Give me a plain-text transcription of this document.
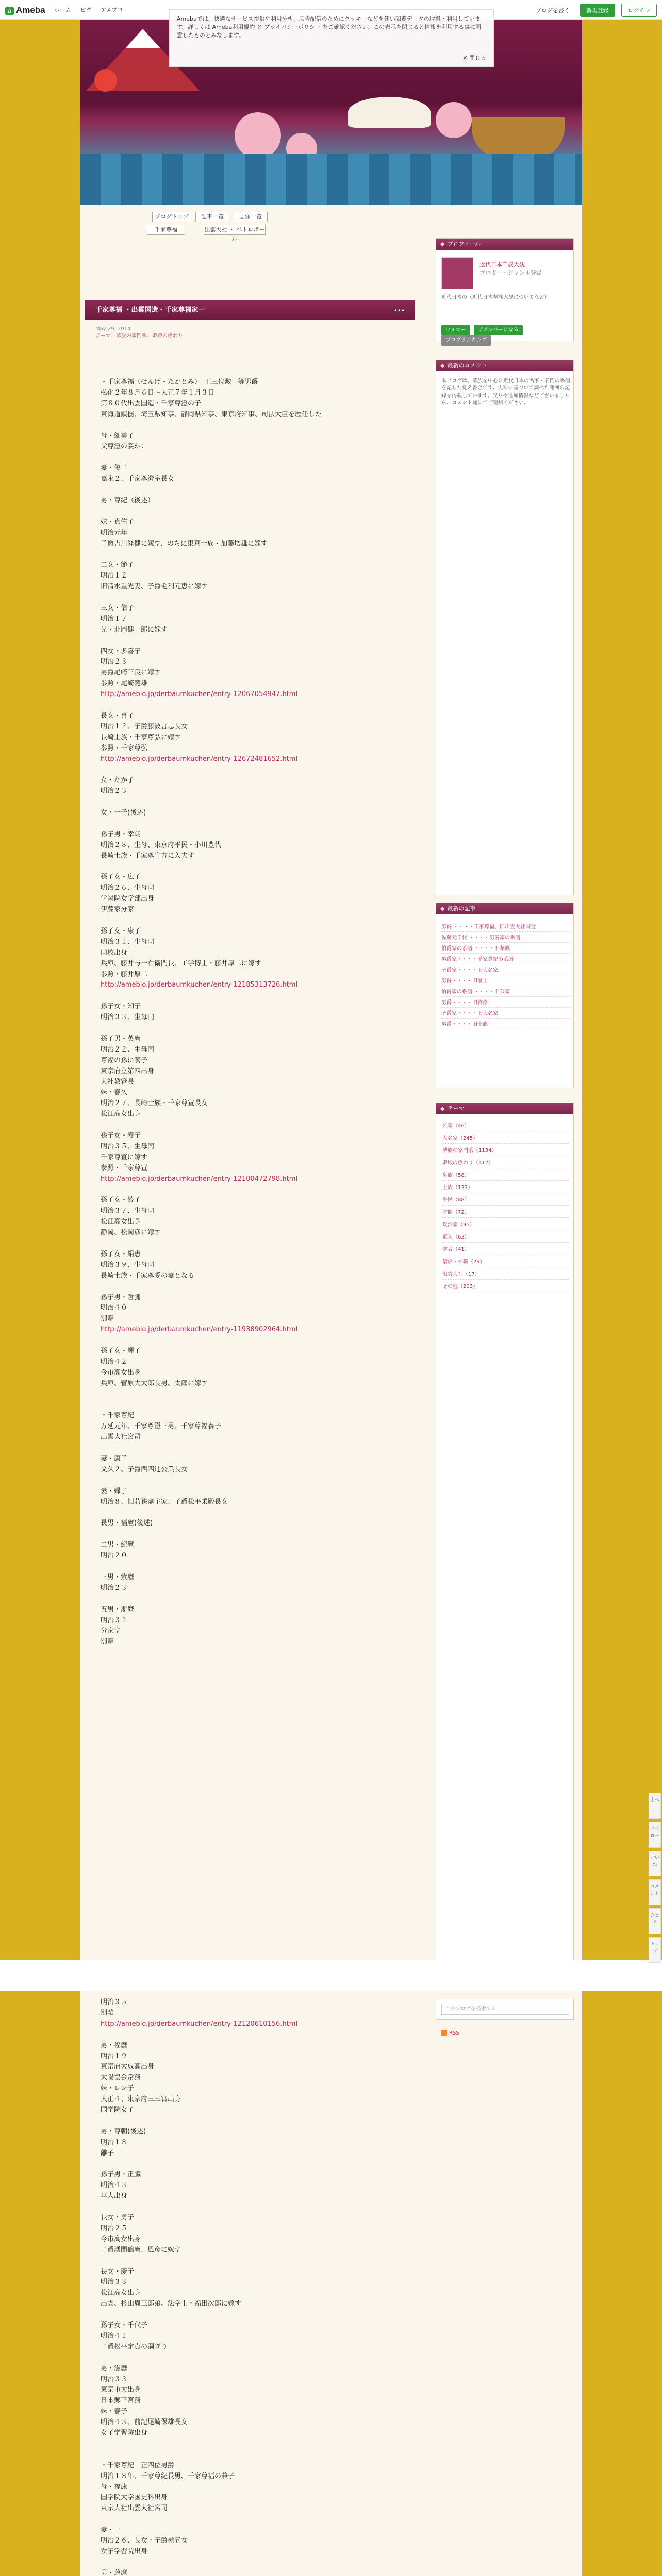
a Ameba ホーム ピグ アメブロ	ブログを書く	新規登録	ログイン
Amebaでは、快適なサービス提供や利用分析、広告配信のためにクッキーなどを使い閲覧データの取得・利用しています。詳しくは Ameba利用規約 と プライバシーポリシー をご確認ください。この表示を閉じると情報を利用する事に同意したものとみなします。
✕ 閉じる
ブログトップ	記事一覧	画像一覧
千家尊福	出雲大社 ・ ペトロポール
千家尊福 ・出雲国造・千家尊福家一	•••
May 29, 2014
テーマ：華族の家門系、姫殿の係わり
・千家尊福（せんげ・たかとみ）　正三位勲一等男爵
弘化２年８月６日～大正７年１月３日
第８０代出雲国造・千家尊澄の子
東海道鎮撫、埼玉県知事、静岡県知事、東京府知事、司法大臣を歴任した
母・細美子
父尊澄の妾か：
妻・俊子
嘉永２、千家尊澄室長女
男・尊紀（後述）
妹・真佐子
明治元年
子爵吉川経健に嫁す、のちに東京士族・加藤増雄に嫁す
二女・節子
明治１２
旧清水重光妻、子爵毛利元恵に嫁す
三女・信子
明治１７
兄・北岡健一郎に嫁す
四女・多喜子
明治２３
男爵尾崎三良に嫁す
参照・尾崎寛雄
http://ameblo.jp/derbaumkuchen/entry-12067054947.html
長女・喜子
明治１２、子爵藤波言忠長女
長崎士族・千家尊弘に嫁す
参照・千家尊弘
http://ameblo.jp/derbaumkuchen/entry-12672481652.html
女・たか子
明治２３
女・一子(後述)
孫子男・幸朗
明治２８、生母、東京府平民・小川豊代
長崎士族・千家尊宣方に入夫す
孫子女・広子
明治２６、生母同
学習院女学部出身
伊藤家分家
孫子女・康子
明治３１、生母同
同校出身
兵庫、藤井与一右衛門長、工学博士・藤井厚二に嫁す
参照・藤井厚二
http://ameblo.jp/derbaumkuchen/entry-12185313726.html
孫子女・知子
明治３３、生母同
孫子男・英麿
明治２２、生母同
尊福の孫に養子
東京府立第四出身
大社教管長
妹・春久
明治２７、長崎士族・千家尊宣長女
松江高女出身
孫子女・寿子
明治３５、生母同
千家尊宣に嫁す
参照・千家尊宣
http://ameblo.jp/derbaumkuchen/entry-12100472798.html
孫子女・綾子
明治３７、生母同
松江高女出身
静岡、松岡彦に嫁す
孫子女・絹恵
明治３９、生母同
長崎士族・千家尊愛の妻となる
孫子男・哲彌
明治４０
別離
http://ameblo.jp/derbaumkuchen/entry-11938902964.html
孫子女・輝子
明治４２
今市高女出身
兵庫、菅原大太郎長男、太郎に嫁す
・千家尊紀
万延元年、千家尊澄三男、千家尊福養子
出雲大社宮司
妻・康子
文久２、子爵西四辻公業長女
妻・婦子
明治８、旧若狭藩主家、子爵松平乗殿長女
長男・福麿(後述)
二男・紀麿
明治２０
三男・紫麿
明治２３
五男・斯麿
明治３１
分家す
別離
明治３５
別離
http://ameblo.jp/derbaumkuchen/entry-12120610156.html
男・福麿
明治１９
東京府大成高出身
太陽協会常務
妹・レン子
大正４、東京府三三宮出身
国学院女子
男・尊朝(後述)
明治１８
離子
孫子男・正臓
明治４３
早大出身
長女・勇子
明治２５
今市高女出身
子爵湧間鶴麿、風彦に嫁す
長女・慶子
明治３３
松江高女出身
出雲、杉山周三郎弟、法学士・福田次郎に嫁す
孫子女・千代子
明治４１
子爵松平定貞の嗣ぎり
男・滋麿
明治３３
東京市大出身
日本郵三宮務
妹・春子
明治４３、前記尾崎保雄長女
女子学習院出身
・千家尊紀　正四位男爵
明治１８年、千家尊紀長男、千家尊福の兼子
母・福康
国学院大学国史科出身
東京大社出雲大社宮司
妻・一
明治２６、長女・子爵極五女
女子学習院出身
男・蓮麿
◆ プロフィール
近代日本華族大観
ブロガー・ジャンル登録
近代日本の（近代日本華族大観についてなど）
フォロー アメンバーになる ブログランキング
◆ 最新のコメント
本ブログは、華族を中心に近代日本の名家・名門の系譜を記した覚え書きです。史料に基づいて調べた範囲の記録を掲載しています。誤りや追加情報などございましたら、コメント欄にてご連絡ください。
◆ 最新の記事
男爵 ・・・・千家尊福、旧出雲大社国造
佐藤元千代 ・・・・男爵家の系譜
伯爵家の系譜 ・・・・旧華族
男爵家・・・・千家尊紀の系譜
子爵家・・・・旧大名家
男爵・・・・旧藩士
伯爵家の系譜 ・・・・旧公家
男爵・・・・旧官僚
子爵家・・・・旧大名家
男爵・・・・旧士族
◆ テーマ
公家（46）
大名家（245）
華族の家門系（1134）
姫殿の係わり（412）
皇族（58）
士族（137）
平民（88）
財閥（72）
政治家（95）
軍人（63）
学者（41）
僧侶・神職（29）
出雲大社（17）
その他（203）
このブログを検索する
RSS
上へ
フォロー
いいね
コメント
シェア
トップ
